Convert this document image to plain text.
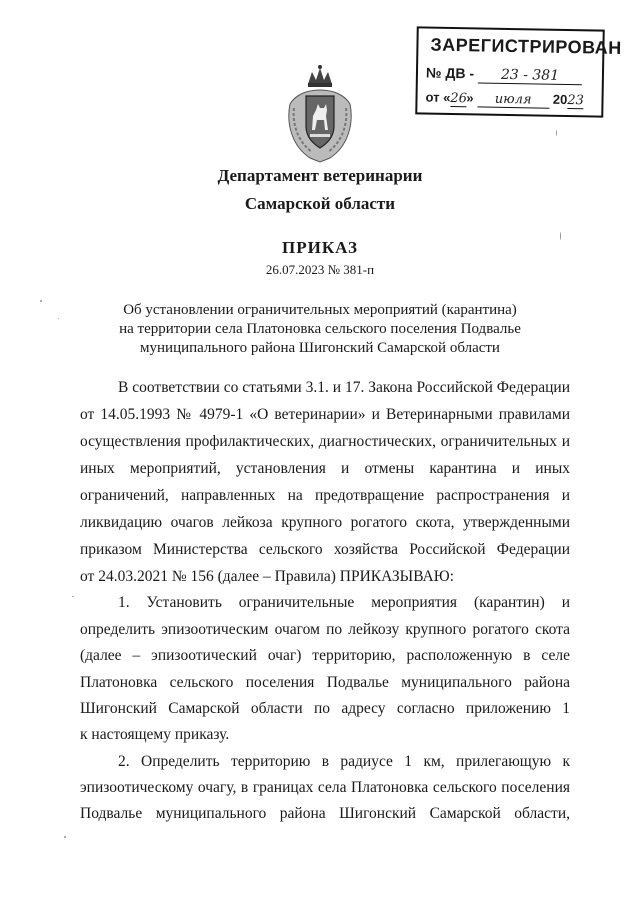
ЗАРЕГИСТРИРОВАН
№ ДВ - 23 - 381
от «26» июля 2023
Департамент ветеринарии
Самарской области
ПРИКАЗ
26.07.2023 № 381-п
Об установлении ограничительных мероприятий (карантина)
на территории села Платоновка сельского поселения Подвалье
муниципального района Шигонский Самарской области
В соответствии со статьями 3.1. и 17. Закона Российской Федерации
от 14.05.1993 № 4979-1 «О ветеринарии» и Ветеринарными правилами
осуществления профилактических, диагностических, ограничительных и
иных мероприятий, установления и отмены карантина и иных
ограничений, направленных на предотвращение распространения и
ликвидацию очагов лейкоза крупного рогатого скота, утвержденными
приказом Министерства сельского хозяйства Российской Федерации
от 24.03.2021 № 156 (далее – Правила) ПРИКАЗЫВАЮ:
1. Установить ограничительные мероприятия (карантин) и
определить эпизоотическим очагом по лейкозу крупного рогатого скота
(далее – эпизоотический очаг) территорию, расположенную в селе
Платоновка сельского поселения Подвалье муниципального района
Шигонский Самарской области по адресу согласно приложению 1
к настоящему приказу.
2. Определить территорию в радиусе 1 км, прилегающую к
эпизоотическому очагу, в границах села Платоновка сельского поселения
Подвалье муниципального района Шигонский Самарской области,
